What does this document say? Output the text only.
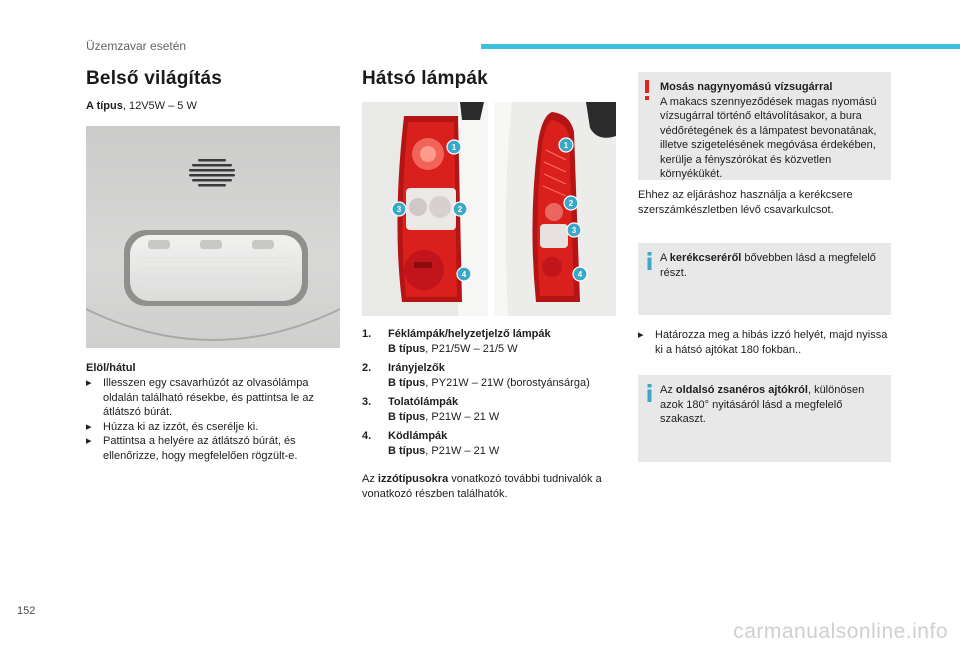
Üzemzavar esetén
Belső világítás
A típus, 12V5W – 5 W
Elöl/hátul
▸ Illesszen egy csavarhúzót az olvasólámpa oldalán található résekbe, és pattintsa le az átlátszó búrát.
▸ Húzza ki az izzót, és cserélje ki.
▸ Pattintsa a helyére az átlátszó búrát, és ellenőrizze, hogy megfelelően rögzült-e.
Hátsó lámpák
1
2
3
4
1
2
3
4
1. Féklámpák/helyzetjelző lámpák
B típus, P21/5W – 21/5 W
2. Irányjelzők
B típus, PY21W – 21W (borostyánsárga)
3. Tolatólámpák
B típus, P21W – 21 W
4. Ködlámpák
B típus, P21W – 21 W
Az izzótípusokra vonatkozó további tudnivalók a vonatkozó részben találhatók.
Mosás nagynyomású vízsugárral
A makacs szennyeződések magas nyomású vízsugárral történő eltávolításakor, a bura védőrétegének és a lámpatest bevonatának, illetve szigetelésének megóvása érdekében, kerülje a fényszórókat és közvetlen környékükét.
Ehhez az eljáráshoz használja a kerékcsere szerszámkészletben lévő csavarkulcsot.
A kerékcseréről bővebben lásd a megfelelő részt.
▸ Határozza meg a hibás izzó helyét, majd nyissa ki a hátsó ajtókat 180 fokban..
Az oldalsó zsanéros ajtókról, különösen azok 180° nyitásáról lásd a megfelelő szakaszt.
152
carmanualsonline.info
